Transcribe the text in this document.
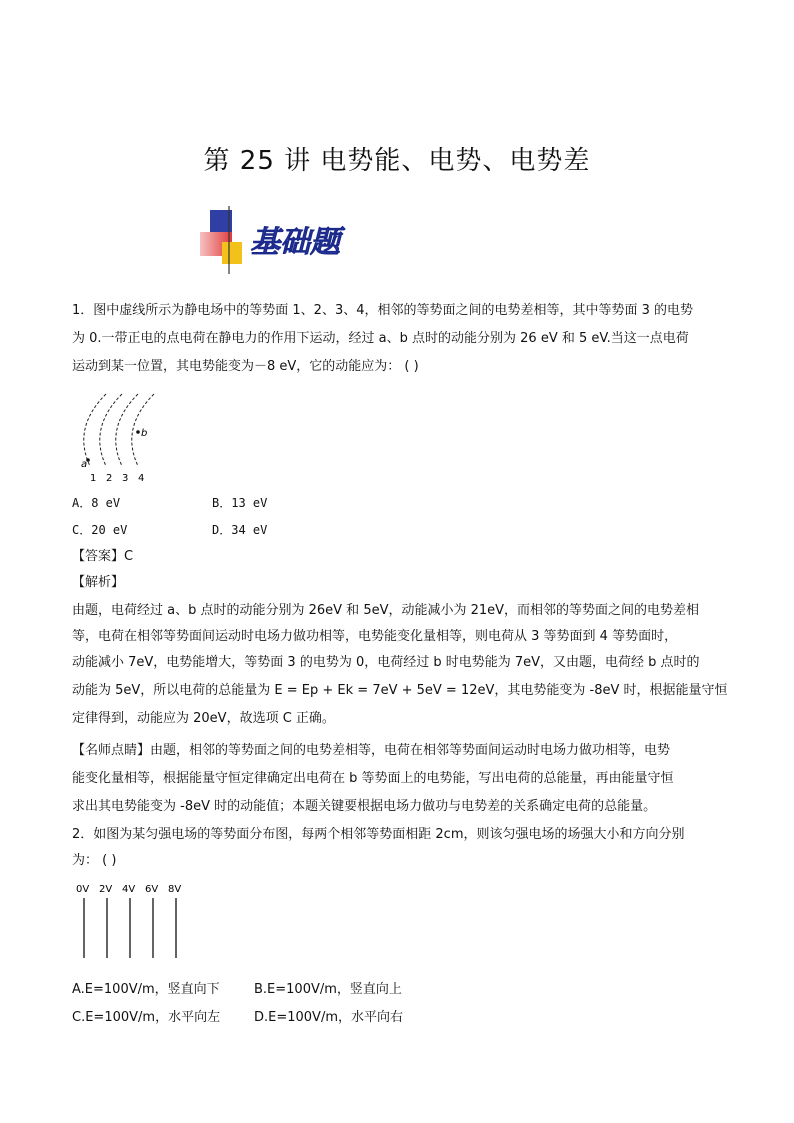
第 25 讲 电势能、电势、电势差
基础题
1．图中虚线所示为静电场中的等势面 1、2、3、4，相邻的等势面之间的电势差相等，其中等势面 3 的电势
为 0.一带正电的点电荷在静电力的作用下运动，经过 a、b 点时的动能分别为 26 eV 和 5 eV.当这一点电荷
运动到某一位置，其电势能变为－8 eV，它的动能应为： ( )
a
b
1 2 3 4
A．8 eV	B．13 eV
C．20 eV	D．34 eV
【答案】C
【解析】
由题，电荷经过 a、b 点时的动能分别为 26eV 和 5eV，动能减小为 21eV，而相邻的等势面之间的电势差相
等，电荷在相邻等势面间运动时电场力做功相等，电势能变化量相等，则电荷从 3 等势面到 4 等势面时，
动能减小 7eV，电势能增大，等势面 3 的电势为 0，电荷经过 b 时电势能为 7eV，又由题，电荷经 b 点时的
动能为 5eV，所以电荷的总能量为 E = Ep + Ek = 7eV + 5eV = 12eV，其电势能变为 -8eV 时，根据能量守恒
定律得到，动能应为 20eV，故选项 C 正确。
【名师点睛】由题，相邻的等势面之间的电势差相等，电荷在相邻等势面间运动时电场力做功相等，电势
能变化量相等，根据能量守恒定律确定出电荷在 b 等势面上的电势能，写出电荷的总能量，再由能量守恒
求出其电势能变为 -8eV 时的动能值；本题关键要根据电场力做功与电势差的关系确定电荷的总能量。
2．如图为某匀强电场的等势面分布图，每两个相邻等势面相距 2cm，则该匀强电场的场强大小和方向分别
为： ( )
0V 2V 4V 6V 8V
A.E=100V/m，竖直向下	B.E=100V/m，竖直向上
C.E=100V/m，水平向左	D.E=100V/m，水平向右
